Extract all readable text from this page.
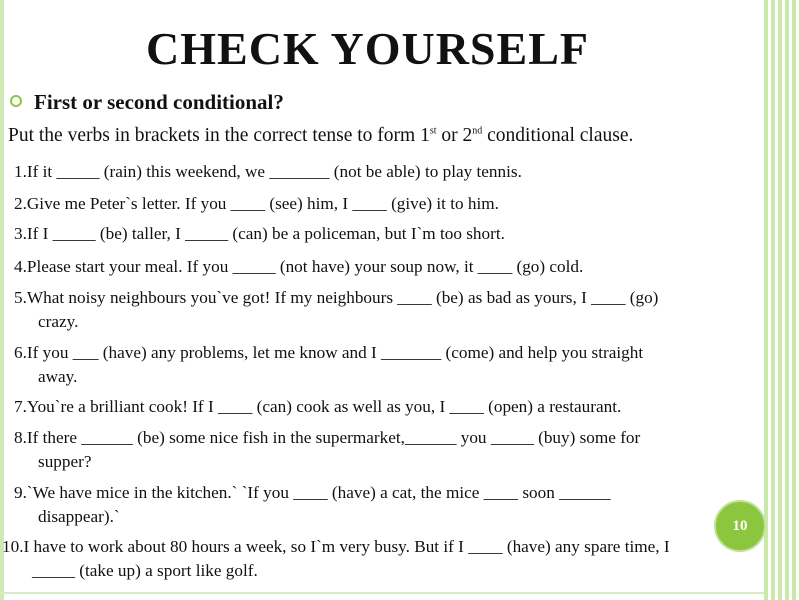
CHECK YOURSELF
First or second conditional?
Put the verbs in brackets in the correct tense to form 1st or 2nd conditional clause.
1.If it _____ (rain) this weekend, we _______ (not be able) to play tennis.
2.Give me Peter`s letter. If you ____ (see) him, I ____ (give) it to him.
3.If I _____ (be) taller, I _____ (can) be a policeman, but I`m too short.
4.Please start your meal. If you _____ (not have) your soup now, it ____ (go) cold.
5.What noisy neighbours you`ve got! If my neighbours ____ (be) as bad as yours, I ____ (go)
crazy.
6.If you ___ (have) any problems, let me know and I _______ (come) and help you straight
away.
7.You`re a brilliant cook! If I ____ (can) cook as well as you, I ____ (open) a restaurant.
8.If there ______ (be) some nice fish in the supermarket,______ you _____ (buy) some for
supper?
9.`We have mice in the kitchen.` `If you ____ (have) a cat, the mice ____ soon ______
disappear).`
10.I have to work about 80 hours a week, so I`m very busy. But if I ____ (have) any spare time, I
_____ (take up) a sport like golf.
10
